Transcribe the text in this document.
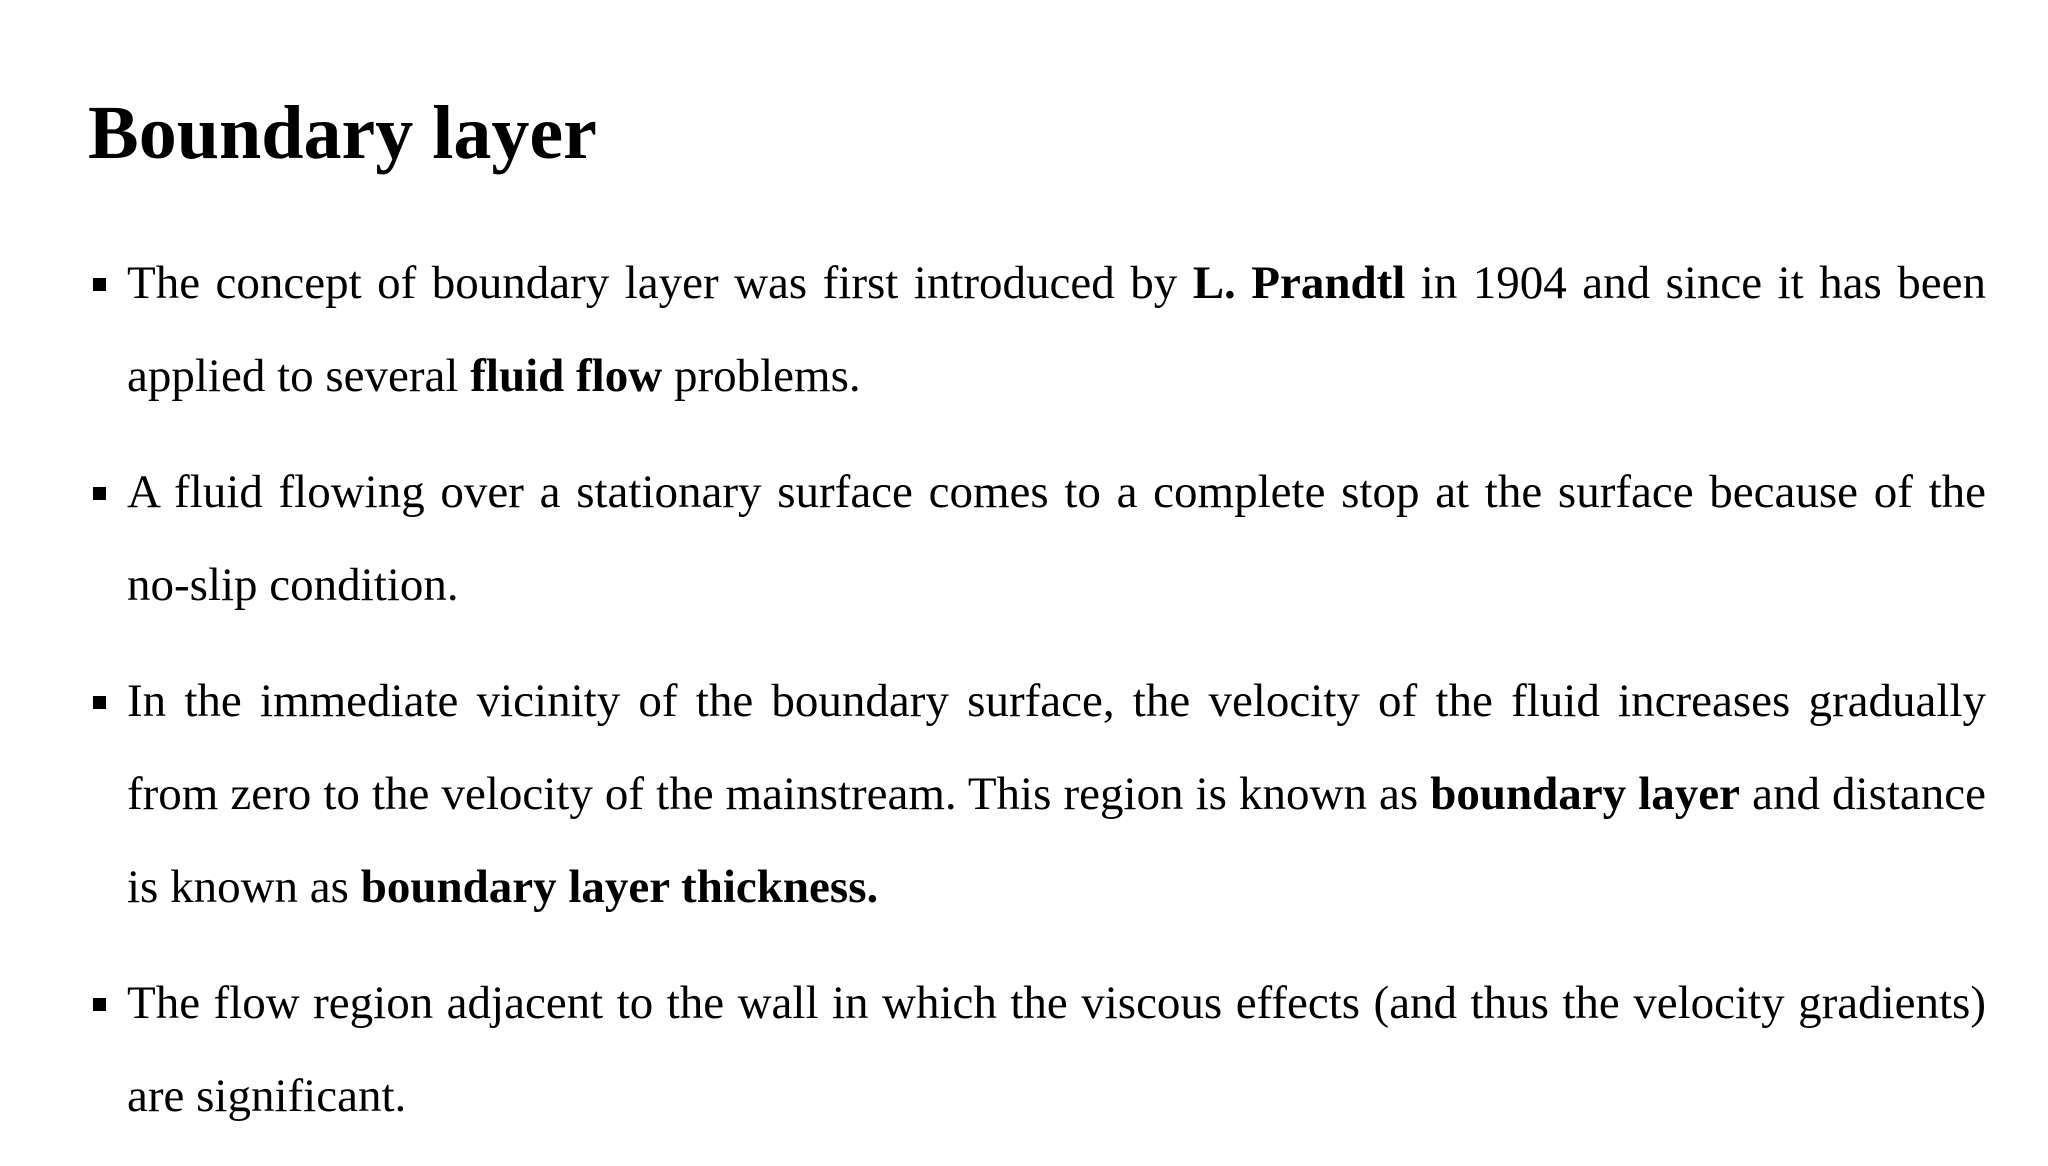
Boundary layer
The concept of boundary layer was first introduced by L. Prandtl in 1904 and since it has been applied to several fluid flow problems.
A fluid flowing over a stationary surface comes to a complete stop at the surface because of the no-slip condition.
In the immediate vicinity of the boundary surface, the velocity of the fluid increases gradually from zero to the velocity of the mainstream. This region is known as boundary layer and distance is known as boundary layer thickness.
The flow region adjacent to the wall in which the viscous effects (and thus the velocity gradients) are significant.
